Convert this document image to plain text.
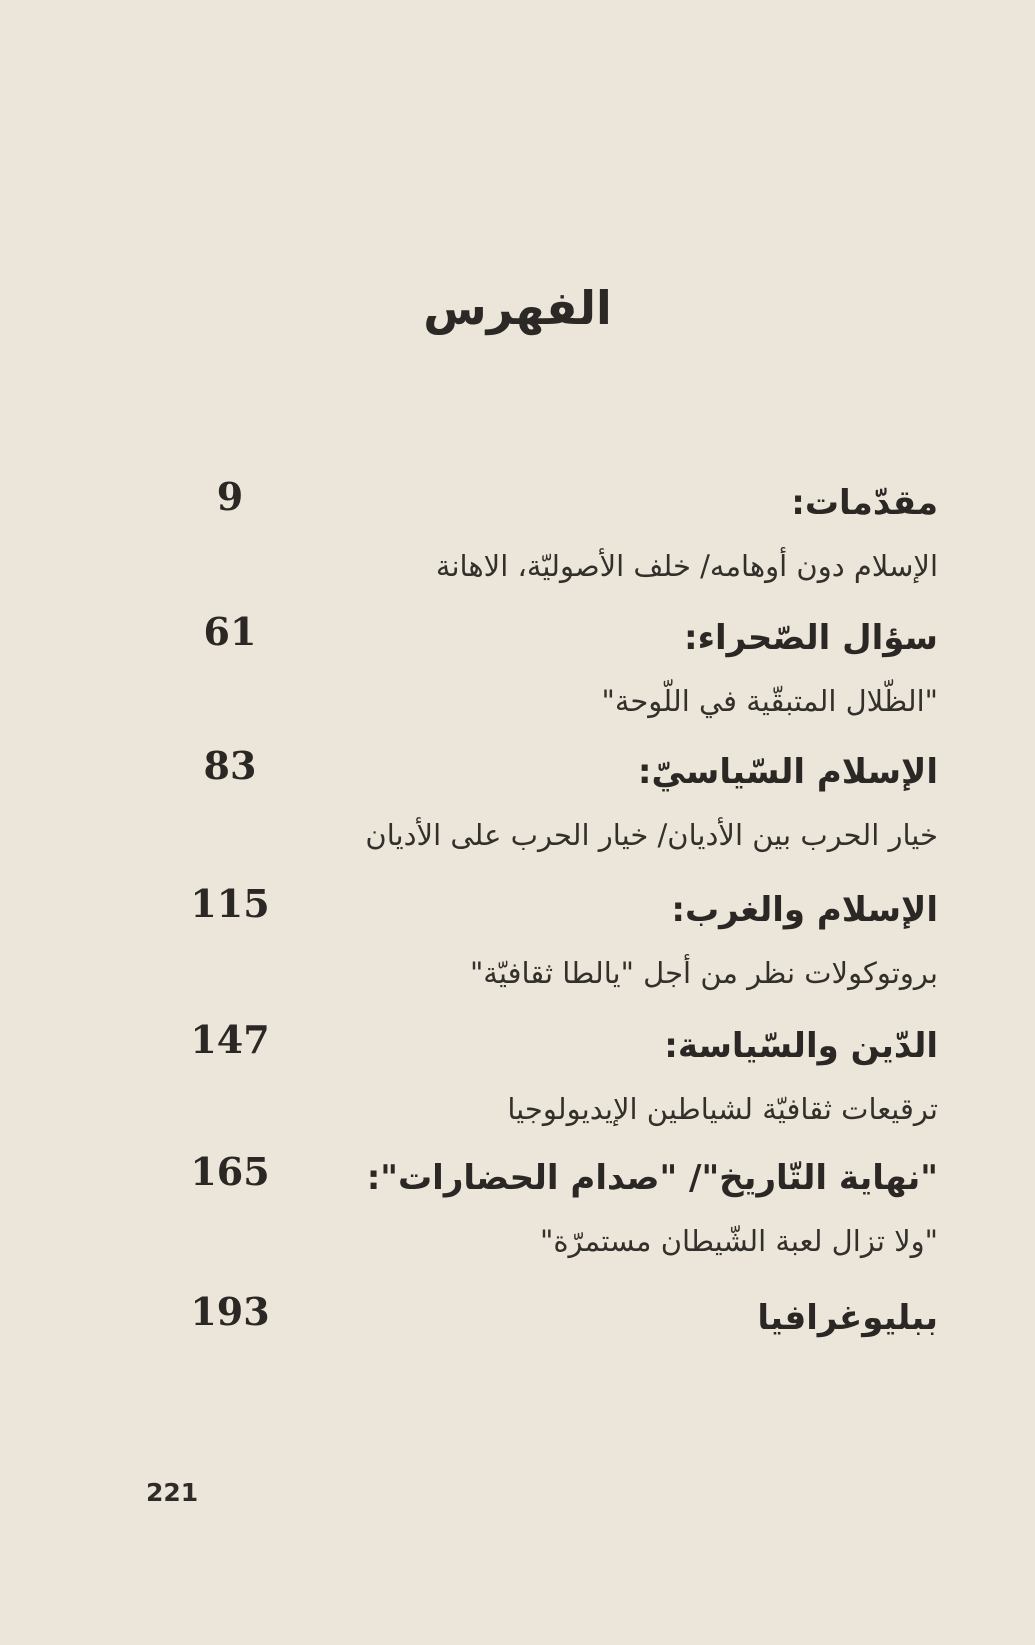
الفهرس
مقدّمات:
الإسلام دون أوهامه/ خلف الأصوليّة، الاهانة
9
سؤال الصّحراء:
"الظّلال المتبقّية في اللّوحة"
61
الإسلام السّياسيّ:
خيار الحرب بين الأديان/ خيار الحرب على الأديان
83
الإسلام والغرب:
بروتوكولات نظر من أجل "يالطا ثقافيّة"
115
الدّين والسّياسة:
ترقيعات ثقافيّة لشياطين الإيديولوجيا
147
"نهاية التّاريخ"/ "صدام الحضارات":
"ولا تزال لعبة الشّيطان مستمرّة"
165
ببليوغرافيا
193
221
